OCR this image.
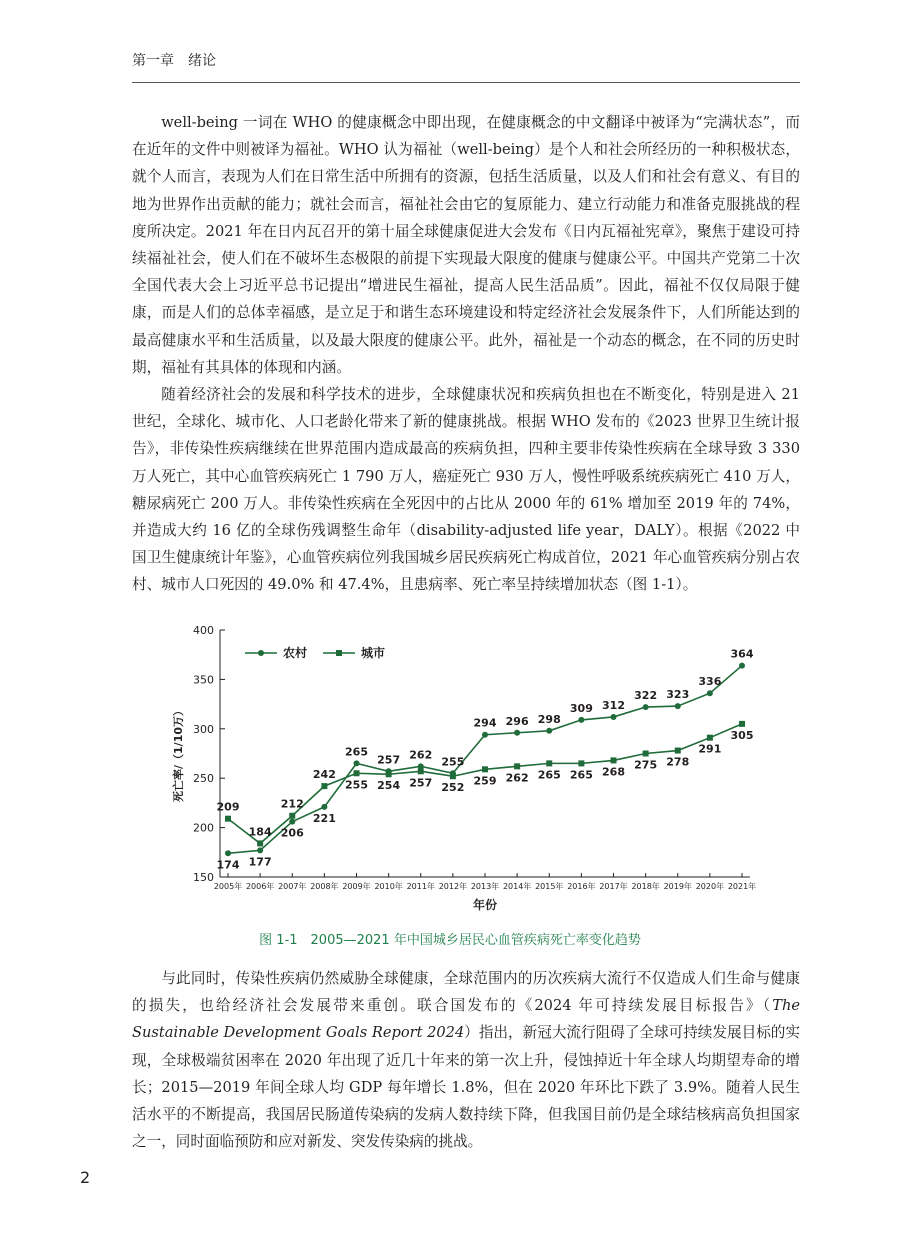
第一章　绪论

well-being 一词在 WHO 的健康概念中即出现，在健康概念的中文翻译中被译为“完满状态”，而在近年的文件中则被译为福祉。WHO 认为福祉（well-being）是个人和社会所经历的一种积极状态，就个人而言，表现为人们在日常生活中所拥有的资源，包括生活质量，以及人们和社会有意义、有目的地为世界作出贡献的能力；就社会而言，福祉社会由它的复原能力、建立行动能力和准备克服挑战的程度所决定。2021 年在日内瓦召开的第十届全球健康促进大会发布《日内瓦福祉宪章》，聚焦于建设可持续福祉社会，使人们在不破坏生态极限的前提下实现最大限度的健康与健康公平。中国共产党第二十次全国代表大会上习近平总书记提出“增进民生福祉，提高人民生活品质”。因此，福祉不仅仅局限于健康，而是人们的总体幸福感，是立足于和谐生态环境建设和特定经济社会发展条件下，人们所能达到的最高健康水平和生活质量，以及最大限度的健康公平。此外，福祉是一个动态的概念，在不同的历史时期，福祉有其具体的体现和内涵。

随着经济社会的发展和科学技术的进步，全球健康状况和疾病负担也在不断变化，特别是进入 21 世纪，全球化、城市化、人口老龄化带来了新的健康挑战。根据 WHO 发布的《2023 世界卫生统计报告》，非传染性疾病继续在世界范围内造成最高的疾病负担，四种主要非传染性疾病在全球导致 3 330 万人死亡，其中心血管疾病死亡 1 790 万人，癌症死亡 930 万人，慢性呼吸系统疾病死亡 410 万人，糖尿病死亡 200 万人。非传染性疾病在全死因中的占比从 2000 年的 61% 增加至 2019 年的 74%，并造成大约 16 亿的全球伤残调整生命年（disability-adjusted life year，DALY）。根据《2022 中国卫生健康统计年鉴》，心血管疾病位列我国城乡居民疾病死亡构成首位，2021 年心血管疾病分别占农村、城市人口死因的 49.0% 和 47.4%，且患病率、死亡率呈持续增加状态（图 1-1）。

150
200
250
300
350
400
2005年 2006年 2007年 2008年 2009年 2010年 2011年 2012年 2013年 2014年 2015年 2016年 2017年 2018年 2019年 2020年 2021年
年份
死亡率/（1/10万）
174 177
206
221
265
257 262
255
294 296 298
309 312
322 323
336
364
209
184
212
242
255 254 257 252
259 262 265 265 268
275 278
291
305
农村	城市
图 1-1　2005—2021 年中国城乡居民心血管疾病死亡率变化趋势

与此同时，传染性疾病仍然威胁全球健康，全球范围内的历次疾病大流行不仅造成人们生命与健康的损失，也给经济社会发展带来重创。联合国发布的《2024 年可持续发展目标报告》（The Sustainable Development Goals Report 2024）指出，新冠大流行阻碍了全球可持续发展目标的实现，全球极端贫困率在 2020 年出现了近几十年来的第一次上升，侵蚀掉近十年全球人均期望寿命的增长；2015—2019 年间全球人均 GDP 每年增长 1.8%，但在 2020 年环比下跌了 3.9%。随着人民生活水平的不断提高，我国居民肠道传染病的发病人数持续下降，但我国目前仍是全球结核病高负担国家之一，同时面临预防和应对新发、突发传染病的挑战。

2
